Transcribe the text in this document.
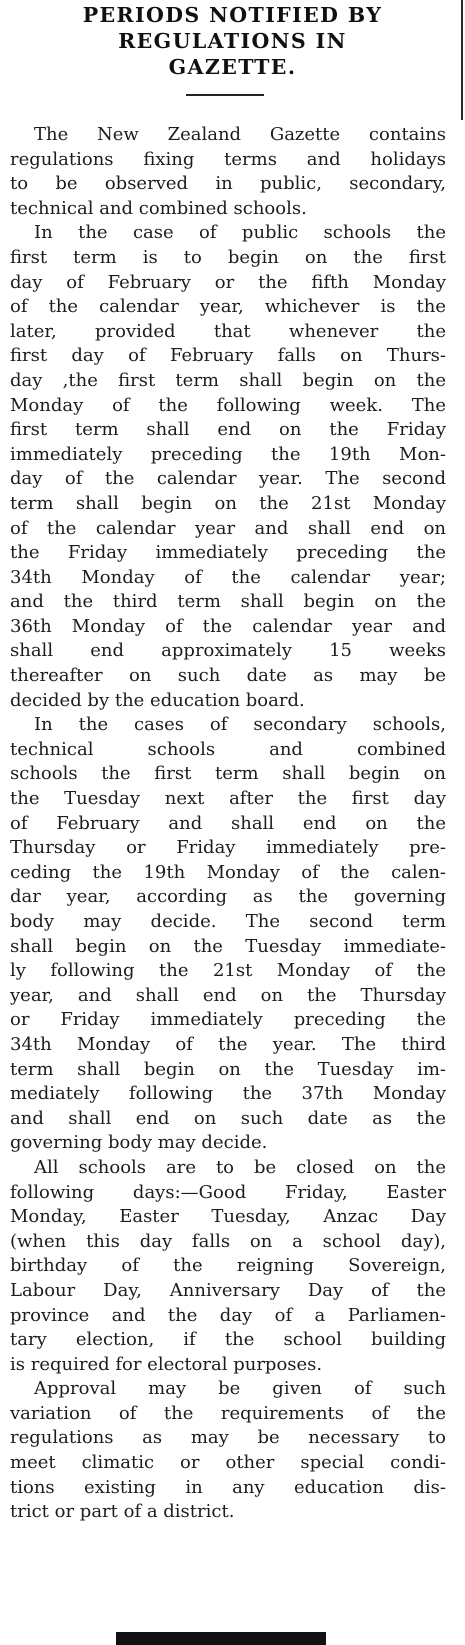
PERIODS NOTIFIED BY
REGULATIONS IN
GAZETTE.
The New Zealand Gazette contains
regulations fixing terms and holidays
to be observed in public, secondary,
technical and combined schools.
In the case of public schools the
first term is to begin on the first
day of February or the fifth Monday
of the calendar year, whichever is the
later, provided that whenever the
first day of February falls on Thurs-
day ,the first term shall begin on the
Monday of the following week. The
first term shall end on the Friday
immediately preceding the 19th Mon-
day of the calendar year. The second
term shall begin on the 21st Monday
of the calendar year and shall end on
the Friday immediately preceding the
34th Monday of the calendar year;
and the third term shall begin on the
36th Monday of the calendar year and
shall end approximately 15 weeks
thereafter on such date as may be
decided by the education board.
In the cases of secondary schools,
technical schools and combined
schools the first term shall begin on
the Tuesday next after the first day
of February and shall end on the
Thursday or Friday immediately pre-
ceding the 19th Monday of the calen-
dar year, according as the governing
body may decide. The second term
shall begin on the Tuesday immediate-
ly following the 21st Monday of the
year, and shall end on the Thursday
or Friday immediately preceding the
34th Monday of the year. The third
term shall begin on the Tuesday im-
mediately following the 37th Monday
and shall end on such date as the
governing body may decide.
All schools are to be closed on the
following days:—Good Friday, Easter
Monday, Easter Tuesday, Anzac Day
(when this day falls on a school day),
birthday of the reigning Sovereign,
Labour Day, Anniversary Day of the
province and the day of a Parliamen-
tary election, if the school building
is required for electoral purposes.
Approval may be given of such
variation of the requirements of the
regulations as may be necessary to
meet climatic or other special condi-
tions existing in any education dis-
trict or part of a district.
